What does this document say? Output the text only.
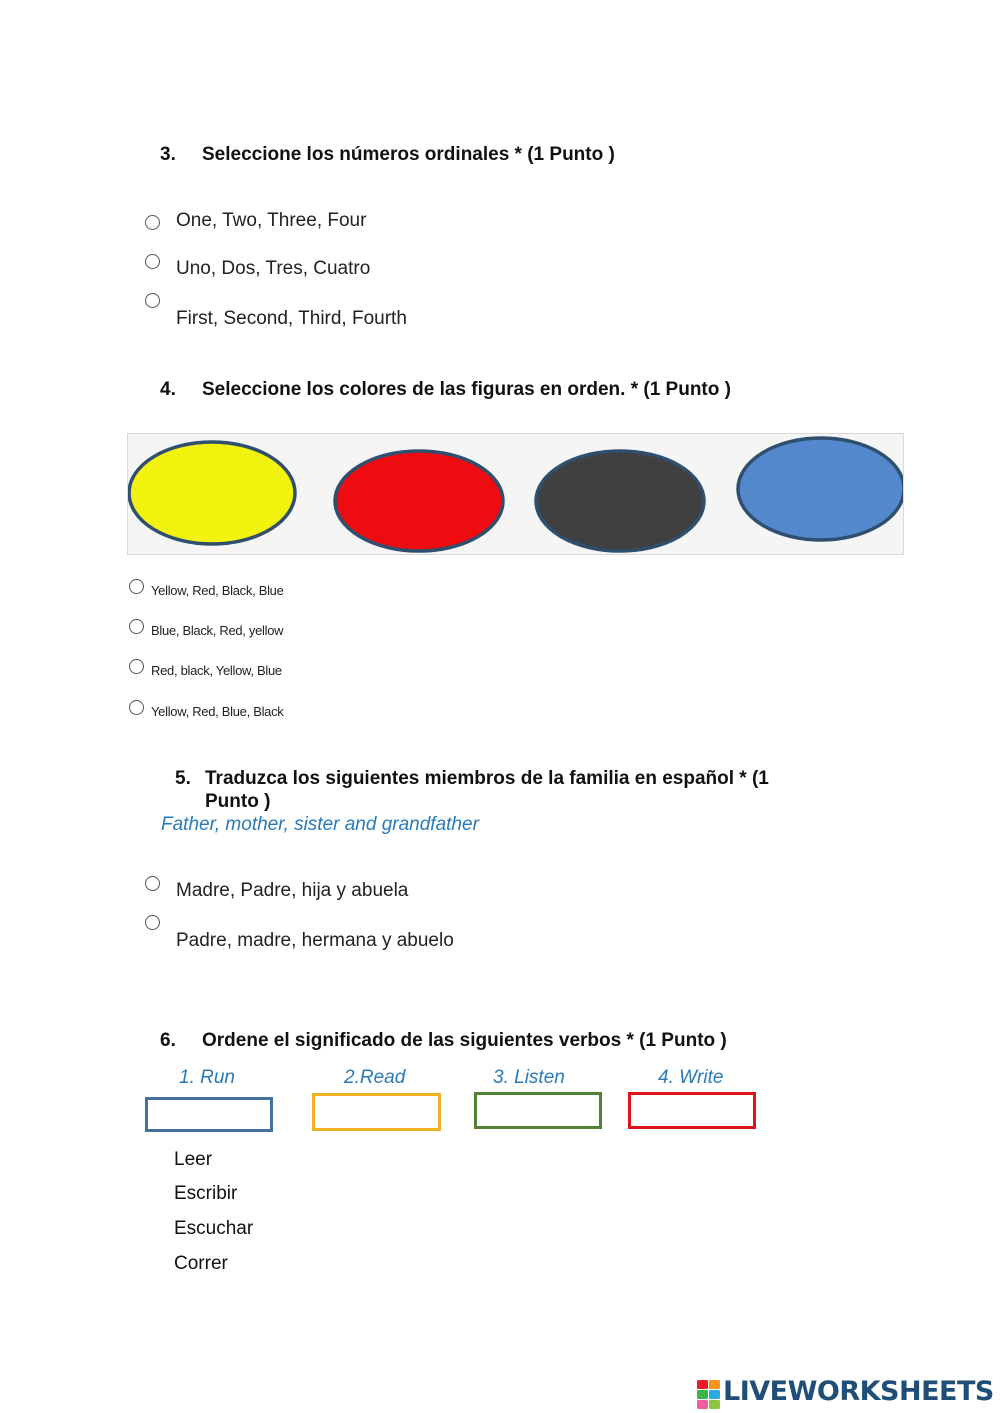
3. Seleccione los números ordinales * (1 Punto )
One, Two, Three, Four
Uno, Dos, Tres, Cuatro
First, Second, Third, Fourth
4. Seleccione los colores de las figuras en orden. * (1 Punto )
Yellow, Red, Black, Blue
Blue, Black, Red, yellow
Red, black, Yellow, Blue
Yellow, Red, Blue, Black
5. Traduzca los siguientes miembros de la familia en español * (1
Punto )
Father, mother, sister and grandfather
Madre, Padre, hija y abuela
Padre, madre, hermana y abuelo
6. Ordene el significado de las siguientes verbos * (1 Punto )
1. Run	2.Read	3. Listen	4. Write
Leer
Escribir
Escuchar
Correr
LIVEWORKSHEETS
